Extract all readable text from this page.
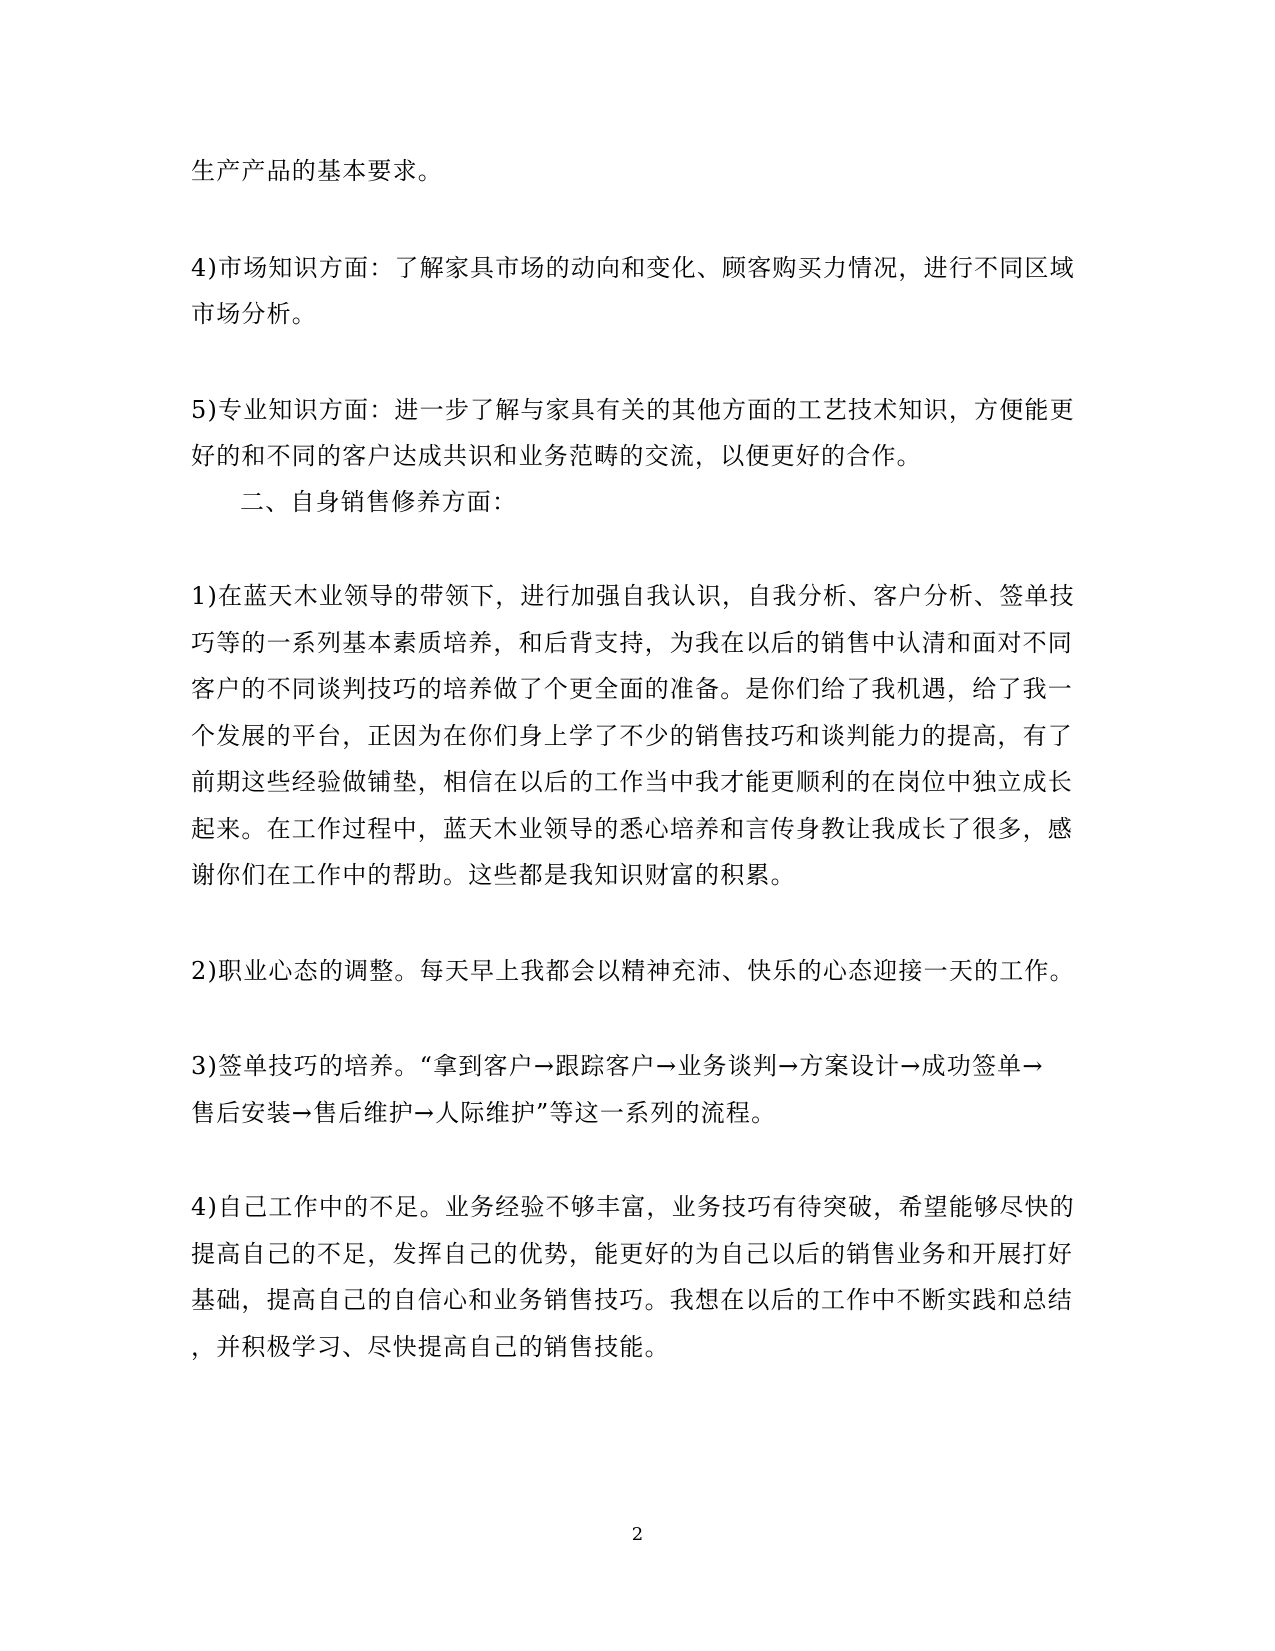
生产产品的基本要求。
4)市场知识方面：了解家具市场的动向和变化、顾客购买力情况，进行不同区域
市场分析。
5)专业知识方面：进一步了解与家具有关的其他方面的工艺技术知识，方便能更
好的和不同的客户达成共识和业务范畴的交流，以便更好的合作。
二、自身销售修养方面：
1)在蓝天木业领导的带领下，进行加强自我认识，自我分析、客户分析、签单技
巧等的一系列基本素质培养，和后背支持，为我在以后的销售中认清和面对不同
客户的不同谈判技巧的培养做了个更全面的准备。是你们给了我机遇，给了我一
个发展的平台，正因为在你们身上学了不少的销售技巧和谈判能力的提高，有了
前期这些经验做铺垫，相信在以后的工作当中我才能更顺利的在岗位中独立成长
起来。在工作过程中，蓝天木业领导的悉心培养和言传身教让我成长了很多，感
谢你们在工作中的帮助。这些都是我知识财富的积累。
2)职业心态的调整。每天早上我都会以精神充沛、快乐的心态迎接一天的工作。
3)签单技巧的培养。“拿到客户→跟踪客户→业务谈判→方案设计→成功签单→
售后安装→售后维护→人际维护”等这一系列的流程。
4)自己工作中的不足。业务经验不够丰富，业务技巧有待突破，希望能够尽快的
提高自己的不足，发挥自己的优势，能更好的为自己以后的销售业务和开展打好
基础，提高自己的自信心和业务销售技巧。我想在以后的工作中不断实践和总结
，并积极学习、尽快提高自己的销售技能。
2
